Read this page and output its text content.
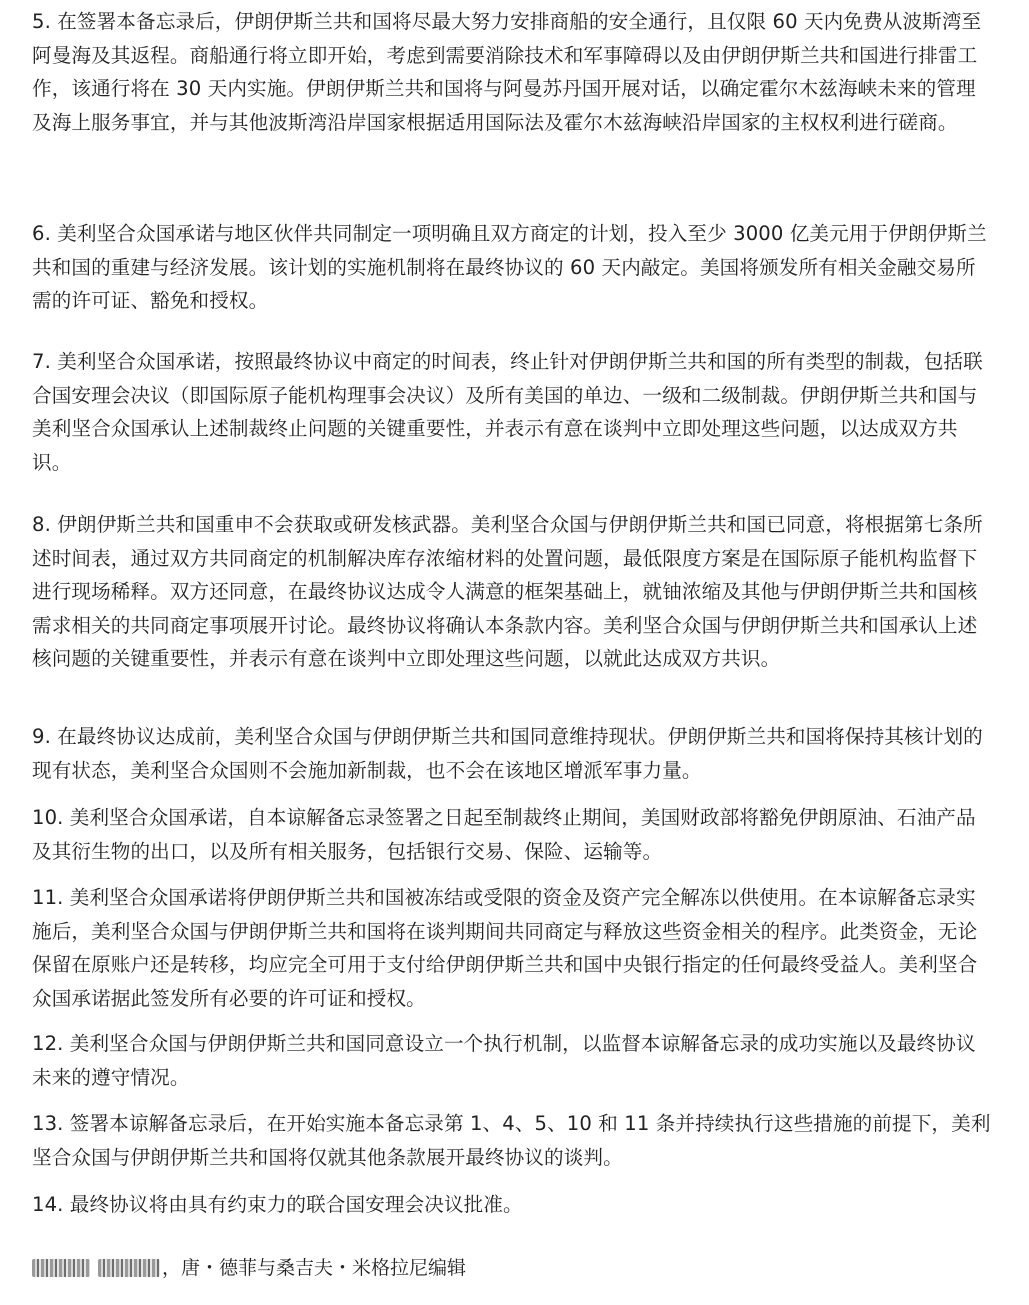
5. 在签署本备忘录后，伊朗伊斯兰共和国将尽最大努力安排商船的安全通行，且仅限 60 天内免费从波斯湾至阿曼海及其返程。商船通行将立即开始，考虑到需要消除技术和军事障碍以及由伊朗伊斯兰共和国进行排雷工作，该通行将在 30 天内实施。伊朗伊斯兰共和国将与阿曼苏丹国开展对话，以确定霍尔木兹海峡未来的管理及海上服务事宜，并与其他波斯湾沿岸国家根据适用国际法及霍尔木兹海峡沿岸国家的主权权利进行磋商。

6. 美利坚合众国承诺与地区伙伴共同制定一项明确且双方商定的计划，投入至少 3000 亿美元用于伊朗伊斯兰共和国的重建与经济发展。该计划的实施机制将在最终协议的 60 天内敲定。美国将颁发所有相关金融交易所需的许可证、豁免和授权。

7. 美利坚合众国承诺，按照最终协议中商定的时间表，终止针对伊朗伊斯兰共和国的所有类型的制裁，包括联合国安理会决议（即国际原子能机构理事会决议）及所有美国的单边、一级和二级制裁。伊朗伊斯兰共和国与美利坚合众国承认上述制裁终止问题的关键重要性，并表示有意在谈判中立即处理这些问题，以达成双方共识。

8. 伊朗伊斯兰共和国重申不会获取或研发核武器。美利坚合众国与伊朗伊斯兰共和国已同意，将根据第七条所述时间表，通过双方共同商定的机制解决库存浓缩材料的处置问题，最低限度方案是在国际原子能机构监督下进行现场稀释。双方还同意，在最终协议达成令人满意的框架基础上，就铀浓缩及其他与伊朗伊斯兰共和国核需求相关的共同商定事项展开讨论。最终协议将确认本条款内容。美利坚合众国与伊朗伊斯兰共和国承认上述核问题的关键重要性，并表示有意在谈判中立即处理这些问题，以就此达成双方共识。

9. 在最终协议达成前，美利坚合众国与伊朗伊斯兰共和国同意维持现状。伊朗伊斯兰共和国将保持其核计划的现有状态，美利坚合众国则不会施加新制裁，也不会在该地区增派军事力量。

10. 美利坚合众国承诺，自本谅解备忘录签署之日起至制裁终止期间，美国财政部将豁免伊朗原油、石油产品及其衍生物的出口，以及所有相关服务，包括银行交易、保险、运输等。

11. 美利坚合众国承诺将伊朗伊斯兰共和国被冻结或受限的资金及资产完全解冻以供使用。在本谅解备忘录实施后，美利坚合众国与伊朗伊斯兰共和国将在谈判期间共同商定与释放这些资金相关的程序。此类资金，无论保留在原账户还是转移，均应完全可用于支付给伊朗伊斯兰共和国中央银行指定的任何最终受益人。美利坚合众国承诺据此签发所有必要的许可证和授权。

12. 美利坚合众国与伊朗伊斯兰共和国同意设立一个执行机制，以监督本谅解备忘录的成功实施以及最终协议未来的遵守情况。

13. 签署本谅解备忘录后，在开始实施本备忘录第 1、4、5、10 和 11 条并持续执行这些措施的前提下，美利坚合众国与伊朗伊斯兰共和国将仅就其他条款展开最终协议的谈判。

14. 最终协议将由具有约束力的联合国安理会决议批准。

，唐・德菲与桑吉夫・米格拉尼编辑
